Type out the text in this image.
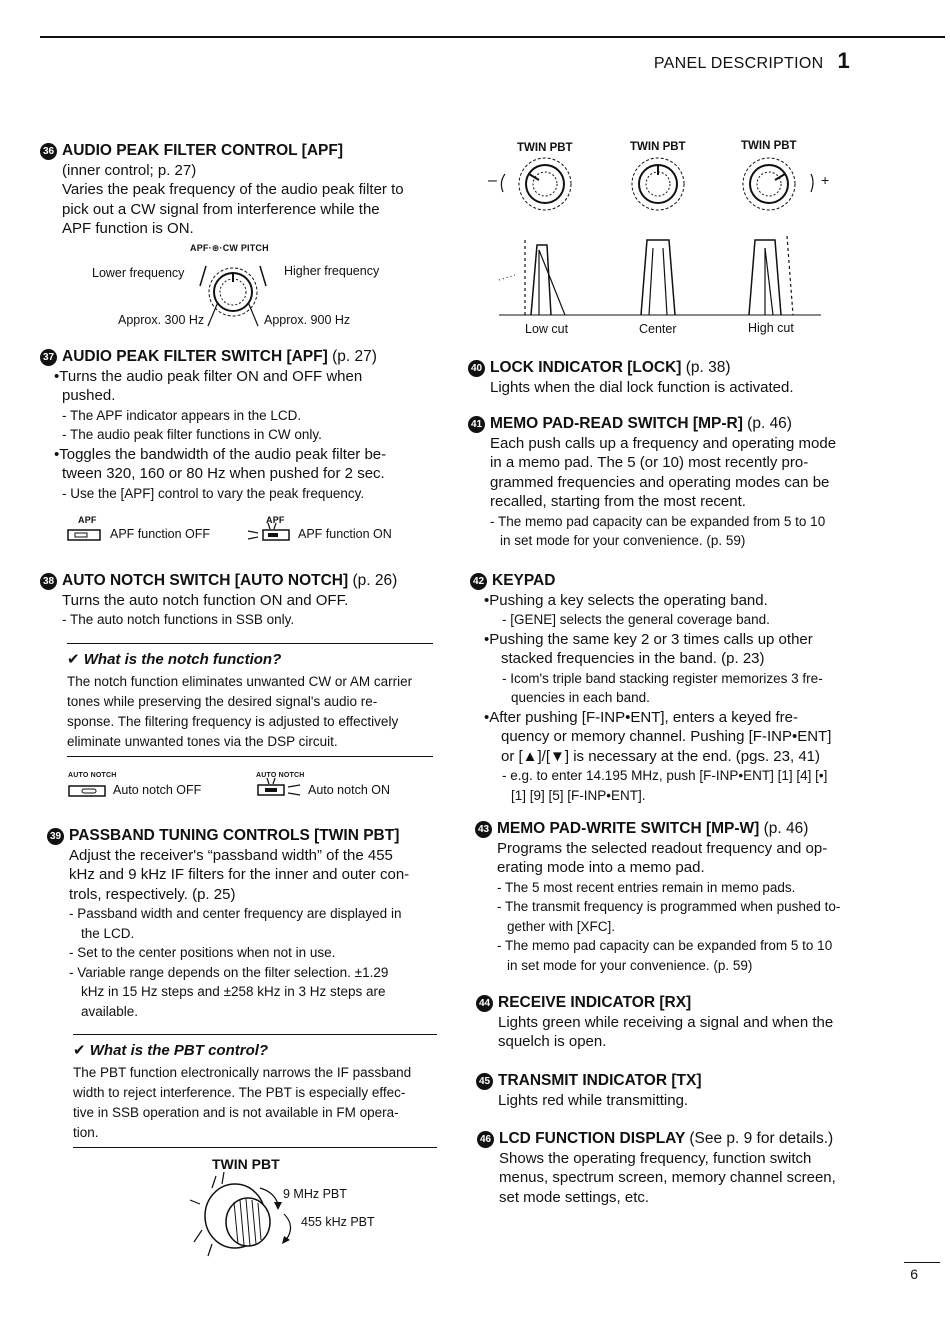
PANEL DESCRIPTION 1
36 AUDIO PEAK FILTER CONTROL [APF]
(inner control; p. 27)
Varies the peak frequency of the audio peak filter to
pick out a CW signal from interference while the
APF function is ON.
APF·⊛·CW PITCH
Lower frequency	Higher frequency
Approx. 300 Hz	Approx. 900 Hz
37 AUDIO PEAK FILTER SWITCH [APF] (p. 27)
•Turns the audio peak filter ON and OFF when
pushed.
- The APF indicator appears in the LCD.
- The audio peak filter functions in CW only.
•Toggles the bandwidth of the audio peak filter be-
tween 320, 160 or 80 Hz when pushed for 2 sec.
- Use the [APF] control to vary the peak frequency.
APF
APF function OFF
APF
APF function ON
38 AUTO NOTCH SWITCH [AUTO NOTCH] (p. 26)
Turns the auto notch function ON and OFF.
- The auto notch functions in SSB only.
✔ What is the notch function?
The notch function eliminates unwanted CW or AM carrier
tones while preserving the desired signal's audio re-
sponse. The filtering frequency is adjusted to effectively
eliminate unwanted tones via the DSP circuit.
AUTO NOTCH
Auto notch OFF
AUTO NOTCH
Auto notch ON
39 PASSBAND TUNING CONTROLS [TWIN PBT]
Adjust the receiver's “passband width” of the 455
kHz and 9 kHz IF filters for the inner and outer con-
trols, respectively. (p. 25)
- Passband width and center frequency are displayed in
the LCD.
- Set to the center positions when not in use.
- Variable range depends on the filter selection. ±1.29
kHz in 15 Hz steps and ±258 kHz in 3 Hz steps are
available.
✔ What is the PBT control?
The PBT function electronically narrows the IF passband
width to reject interference. The PBT is especially effec-
tive in SSB operation and is not available in FM opera-
tion.
TWIN PBT
9 MHz PBT
455 kHz PBT
TWIN PBT	TWIN PBT	TWIN PBT
–	+
Low cut	Center	High cut
40 LOCK INDICATOR [LOCK] (p. 38)
Lights when the dial lock function is activated.
41 MEMO PAD-READ SWITCH [MP-R] (p. 46)
Each push calls up a frequency and operating mode
in a memo pad. The 5 (or 10) most recently pro-
grammed frequencies and operating modes can be
recalled, starting from the most recent.
- The memo pad capacity can be expanded from 5 to 10
in set mode for your convenience. (p. 59)
42 KEYPAD
•Pushing a key selects the operating band.
- [GENE] selects the general coverage band.
•Pushing the same key 2 or 3 times calls up other
stacked frequencies in the band. (p. 23)
- Icom's triple band stacking register memorizes 3 fre-
quencies in each band.
•After pushing [F-INP•ENT], enters a keyed fre-
quency or memory channel. Pushing [F-INP•ENT]
or [▲]/[▼] is necessary at the end. (pgs. 23, 41)
- e.g. to enter 14.195 MHz, push [F-INP•ENT] [1] [4] [•]
[1] [9] [5] [F-INP•ENT].
43 MEMO PAD-WRITE SWITCH [MP-W] (p. 46)
Programs the selected readout frequency and op-
erating mode into a memo pad.
- The 5 most recent entries remain in memo pads.
- The transmit frequency is programmed when pushed to-
gether with [XFC].
- The memo pad capacity can be expanded from 5 to 10
in set mode for your convenience. (p. 59)
44 RECEIVE INDICATOR [RX]
Lights green while receiving a signal and when the
squelch is open.
45 TRANSMIT INDICATOR [TX]
Lights red while transmitting.
46 LCD FUNCTION DISPLAY (See p. 9 for details.)
Shows the operating frequency, function switch
menus, spectrum screen, memory channel screen,
set mode settings, etc.
6
